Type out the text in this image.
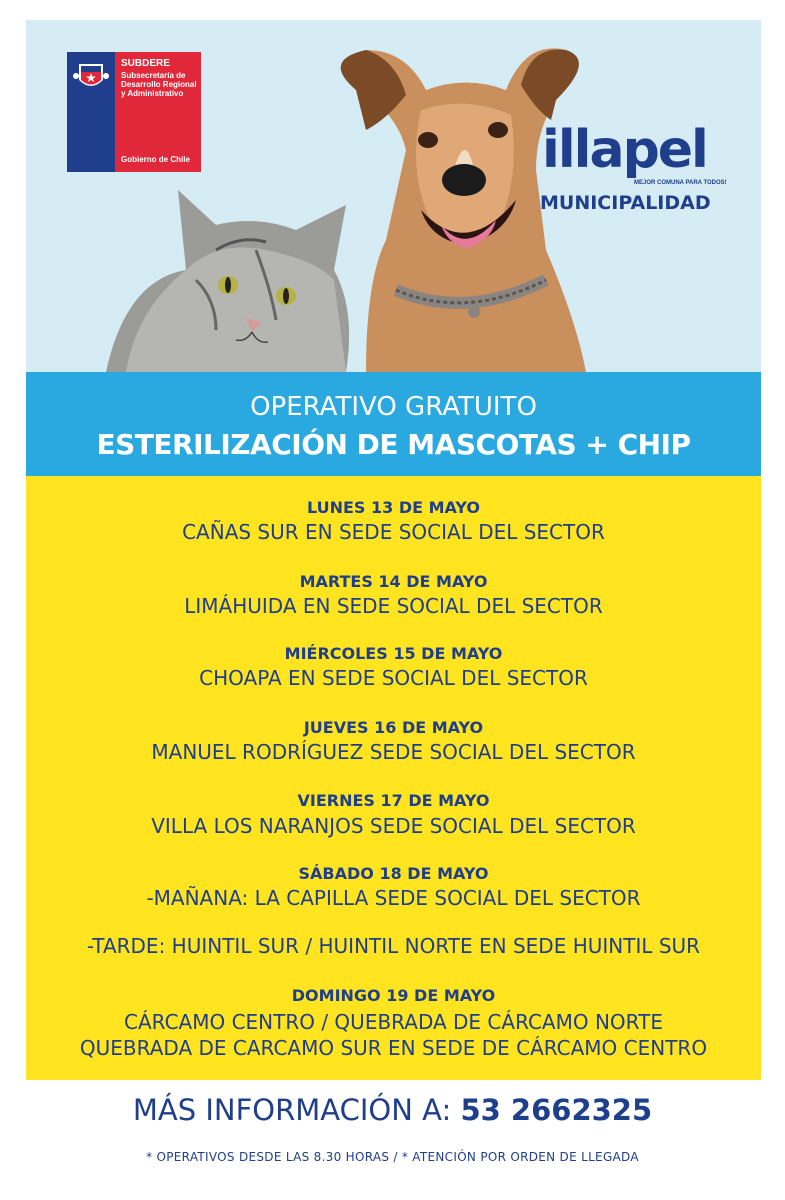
SUBDERE
Subsecretaría de Desarrollo Regional y Administrativo
Gobierno de Chile	illapel
MEJOR COMUNA PARA TODOS!
MUNICIPALIDAD
OPERATIVO GRATUITO
ESTERILIZACIÓN DE MASCOTAS + CHIP
LUNES 13 DE MAYO
CAÑAS SUR EN SEDE SOCIAL DEL SECTOR
MARTES 14 DE MAYO
LIMÁHUIDA EN SEDE SOCIAL DEL SECTOR
MIÉRCOLES 15 DE MAYO
CHOAPA EN SEDE SOCIAL DEL SECTOR
JUEVES 16 DE MAYO
MANUEL RODRÍGUEZ SEDE SOCIAL DEL SECTOR
VIERNES 17 DE MAYO
VILLA LOS NARANJOS SEDE SOCIAL DEL SECTOR
SÁBADO 18 DE MAYO
-MAÑANA: LA CAPILLA SEDE SOCIAL DEL SECTOR
-TARDE: HUINTIL SUR / HUINTIL NORTE EN SEDE HUINTIL SUR
DOMINGO 19 DE MAYO
CÁRCAMO CENTRO / QUEBRADA DE CÁRCAMO NORTE
QUEBRADA DE CARCAMO SUR EN SEDE DE CÁRCAMO CENTRO
MÁS INFORMACIÓN A: 53 2662325
* OPERATIVOS DESDE LAS 8.30 HORAS / * ATENCIÓN POR ORDEN DE LLEGADA
